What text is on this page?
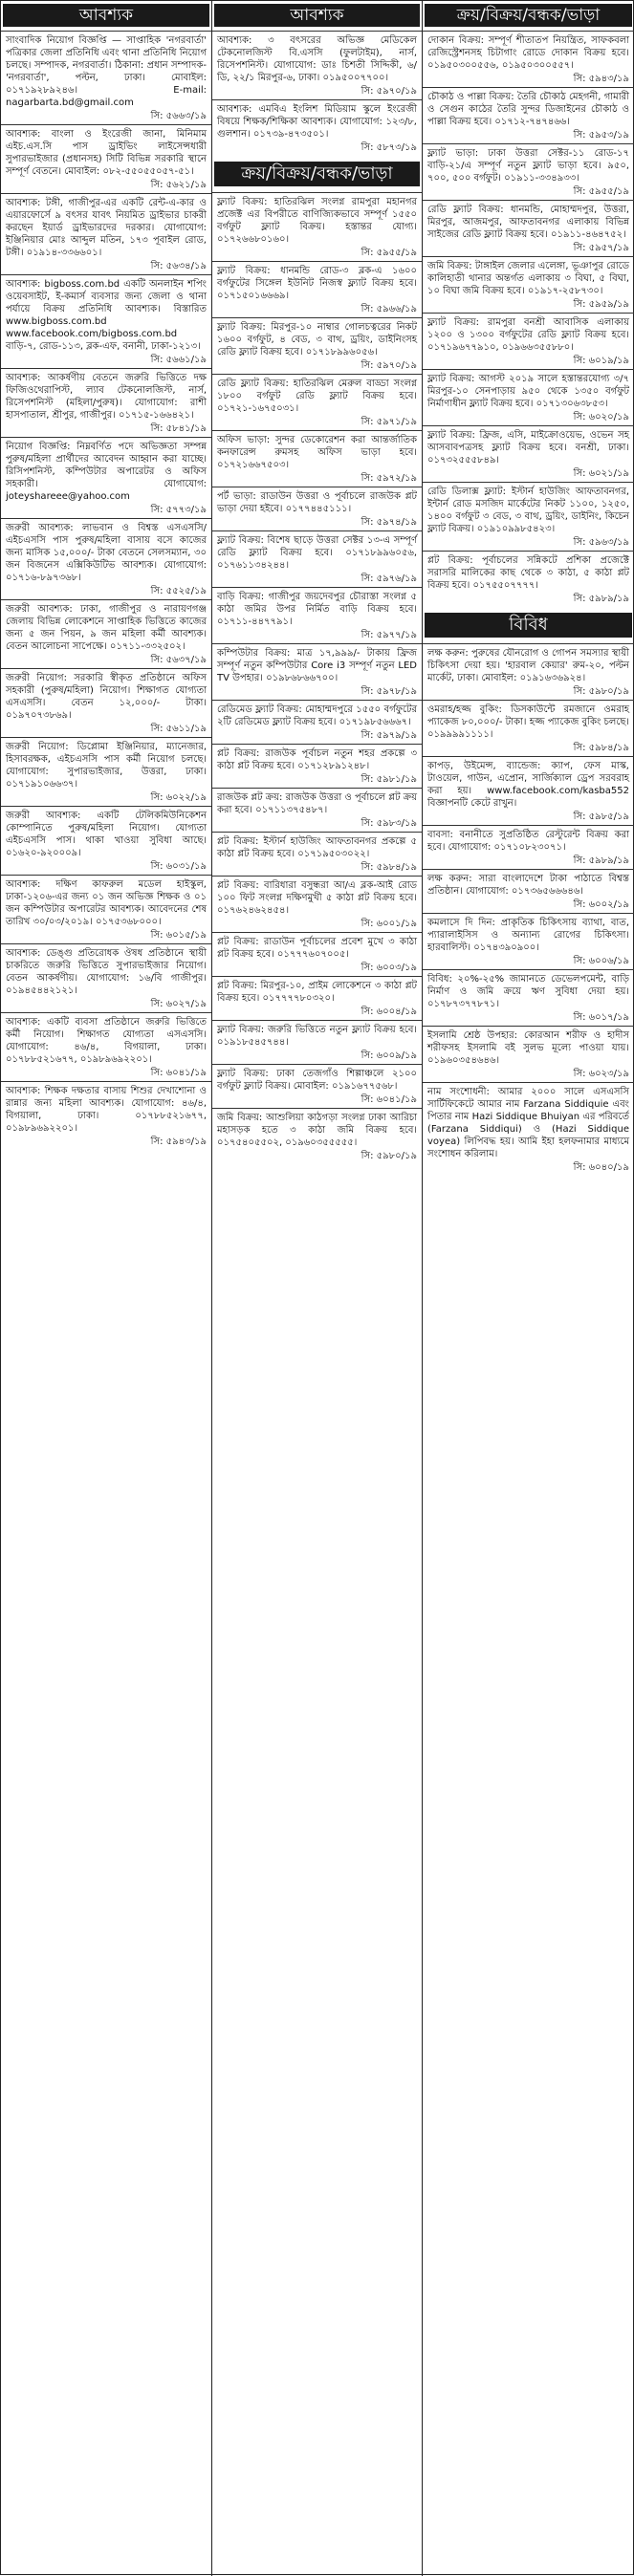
আবশ্যক

সাংবাদিক নিয়োগ বিজ্ঞপ্তি — সাপ্তাহিক 'নগরবার্তা' পত্রিকার জেলা প্রতিনিধি এবং থানা প্রতিনিধি নিয়োগ চলছে। সম্পাদক, নগরবার্তা। ঠিকানা: প্রধান সম্পাদক- 'নগরবার্তা', পল্টন, ঢাকা। মোবাইল: ০১৭১৯২৮৯২৪৬। E-mail: nagarbarta.bd@gmail.com

সি: ৫৬৬৩/১৯

আবশ্যক: বাংলা ও ইংরেজী জানা, মিনিমাম এইচ.এস.সি পাস ড্রাইভিং লাইসেন্সধারী সুপারভাইজার (প্রধানসহ) সিটি বিভিন্ন সরকারি স্থানে সম্পূর্ণ বেতনে। মোবাইল: ০৮২-৫৫০৫৫০৫৭-৫১।

সি: ৫৬২১/১৯

আবশ্যক: টঙ্গী, গাজীপুর-এর একটি রেন্ট-এ-কার ও এয়ারফোর্সে ৯ বৎসর যাবৎ নিয়মিত ড্রাইভার চাকরী করছেন ইয়ার্ড ড্রাইভারদের দরকার। যোগাযোগ: ইঞ্জিনিয়ার মোঃ আব্দুল মতিন, ১৭৩ পূবাইল রোড, টঙ্গী। ০১৯১৪-৩৩৬৬০১।

সি: ৫৬৩৪/১৯

আবশ্যক: bigboss.com.bd একটি অনলাইন শপিং ওয়েবসাইট, ই-কমার্স ব্যবসার জন্য জেলা ও থানা পর্যায়ে বিক্রয় প্রতিনিধি আবশ্যক। বিস্তারিত www.bigboss.com.bd www.facebook.com/bigboss.com.bd বাড়ি-৭, রোড-১১৩, ব্লক-এফ, বনানী, ঢাকা-১২১৩।

সি: ৫৬৬১/১৯

আবশ্যক: আকর্ষণীয় বেতনে জরুরি ভিত্তিতে দক্ষ ফিজিওথেরাপিস্ট, ল্যাব টেকনোলজিস্ট, নার্স, রিসেপশনিস্ট (মহিলা/পুরুষ)। যোগাযোগ: রাশী হাসপাতাল, শ্রীপুর, গাজীপুর। ০১৭১৫-১৬৬৪২১।

সি: ৫৮৪১/১৯

নিয়োগ বিজ্ঞপ্তি: নিম্নবর্ণিত পদে অভিজ্ঞতা সম্পন্ন পুরুষ/মহিলা প্রার্থীদের আবেদন আহ্বান করা যাচ্ছে। রিসিপশনিস্ট, কম্পিউটার অপারেটর ও অফিস সহকারী। যোগাযোগ: joteyshareee@yahoo.com

সি: ৫৭৭৩/১৯

জরুরী আবশ্যক: লাভবান ও বিশ্বস্ত এসএসসি/এইচএসসি পাস পুরুষ/মহিলা বাসায় বসে কাজের জন্য মাসিক ১৫,০০০/- টাকা বেতনে সেলসম্যান, ৩০ জন বিজনেস এক্সিকিউটিভ আবশ্যক। যোগাযোগ: ০১৭১৬-৮৯৭৩৬৮।

সি: ৫৫২৫/১৯

জরুরী আবশ্যক: ঢাকা, গাজীপুর ও নারায়ণগঞ্জ জেলায় বিভিন্ন লোকেশনে সাপ্তাহিক ভিত্তিতে কাজের জন্য ৫ জন পিয়ন, ৯ জন মহিলা কর্মী আবশ্যক। বেতন আলোচনা সাপেক্ষে। ০১৭১১-৩৩২৫০২।

সি: ৫৬৩৭/১৯

জরুরী নিয়োগ: সরকারি স্বীকৃত প্রতিষ্ঠানে অফিস সহকারী (পুরুষ/মহিলা) নিয়োগ। শিক্ষাগত যোগ্যতা এসএসসি। বেতন ১২,০০০/- টাকা। ০১৯৭০৭৩৮৬৯।

সি: ৫৬১১/১৯

জরুরী নিয়োগ: ডিপ্লোমা ইঞ্জিনিয়ার, ম্যানেজার, হিসাবরক্ষক, এইচএসসি পাস কর্মী নিয়োগ চলছে। যোগাযোগ: সুপারভাইজার, উত্তরা, ঢাকা। ০১৭১৯১০৬৬৩৭।

সি: ৬০২২/১৯

জরুরী আবশ্যক: একটি টেলিকমিউনিকেশন কোম্পানিতে পুরুষ/মহিলা নিয়োগ। যোগ্যতা এইচএসসি পাস। থাকা খাওয়া সুবিধা আছে। ০১৬২০-৯২০০০৯।

সি: ৬০৩১/১৯

আবশ্যক: দক্ষিণ কাফরুল মডেল হাইস্কুল, ঢাকা-১২০৬-এর জন্য ০১ জন অভিজ্ঞ শিক্ষক ও ০১ জন কম্পিউটার অপারেটর আবশ্যক। আবেদনের শেষ তারিখ ৩০/০৩/২০১৯। ০১৭৫৩৬৮০০০।

সি: ৬০১৫/১৯

আবশ্যক: ডেঙ্গু প্রতিরোধক ঔষধ প্রতিষ্ঠানে স্থায়ী চাকরিতে জরুরি ভিত্তিতে সুপারভাইজার নিয়োগ। বেতন আকর্ষণীয়। যোগাযোগ: ১৬/বি গাজীপুর। ০১৯৪৫৪৪২১২১।

সি: ৬০২৭/১৯

আবশ্যক: একটি ব্যবসা প্রতিষ্ঠানে জরুরি ভিত্তিতে কর্মী নিয়োগ। শিক্ষাগত যোগ্যতা এসএসসি। যোগাযোগ: ৪৬/৪, বিগয়ালা, ঢাকা। ০১৭৮৮৫২১৬৭৭, ০১৯৮৯৬৯২২০১।

সি: ৬০৪১/১৯

আবশ্যক: শিক্ষক দক্ষতার বাসায় শিশুর দেখাশোনা ও রান্নার জন্য মহিলা আবশ্যক। যোগাযোগ: ৪৬/৪, বিগয়ালা, ঢাকা। ০১৭৮৮৫২১৬৭৭, ০১৯৮৯৬৯২২০১।

সি: ৫৯৪৩/১৯
আবশ্যক

আবশ্যক: ৩ বৎসরের অভিজ্ঞ মেডিকেল টেকনোলজিস্ট বি.এসসি (ফুলটাইম), নার্স, রিসেপশনিস্ট। যোগাযোগ: ডাঃ চিশতী সিদ্দিকী, ৬/ডি, ২২/১ মিরপুর-৬, ঢাকা। ০১৯৫০০৭৭০০।

সি: ৫৯৭০/১৯

আবশ্যক: এমবিএ ইংলিশ মিডিয়াম স্কুলে ইংরেজী বিষয়ে শিক্ষক/শিক্ষিকা আবশ্যক। যোগাযোগ: ১২৩/৮, গুলশান। ০১৭৩৯-৪৭৩৫০১।

সি: ৫৮৭৩/১৯
ক্রয়/বিক্রয়/বন্ধক/ভাড়া

ফ্ল্যাট বিক্রয়: হাতিরঝিল সংলগ্ন রামপুরা মহানগর প্রজেক্ট এর বিপরীতে বাণিজ্যিকভাবে সম্পূর্ণ ১৫৫০ বর্গফুট ফ্ল্যাট বিক্রয়। হস্তান্তর যোগ্য। ০১৭২৬৬৮০১৬০।

সি: ৫৯৫৫/১৯

ফ্ল্যাট বিক্রয়: ধানমন্ডি রোড-৩ ব্লক-এ ১৬০০ বর্গফুটের সিঙ্গেল ইউনিট নিজস্ব ফ্ল্যাট বিক্রয় হবে। ০১৭১৫০১৬৬৬৯।

সি: ৫৯৬৬/১৯

ফ্ল্যাট বিক্রয়: মিরপুর-১০ নাম্বার গোলচত্বরের নিকট ১৬০০ বর্গফুট, ৪ বেড, ৩ বাথ, ড্রয়িং, ডাইনিংসহ রেডি ফ্ল্যাট বিক্রয় হবে। ০১৭১৮৯৯৬০৫৬।

সি: ৫৯৭০/১৯

রেডি ফ্ল্যাট বিক্রয়: হাতিরঝিল মেরুল বাড্ডা সংলগ্ন ১৮০০ বর্গফুট রেডি ফ্ল্যাট বিক্রয় হবে। ০১৭২১-১৬৭৫০৩১।

সি: ৫৯৭১/১৯

অফিস ভাড়া: সুন্দর ডেকোরেশন করা আন্তর্জাতিক কনফারেন্স রুমসহ অফিস ভাড়া হবে। ০১৭২১৬৬৭৫০৩।

সি: ৫৯৭২/১৯

পর্ট ভাড়া: রাডাউন উত্তরা ও পূর্বাচলে রাজউক প্লট ভাড়া দেয়া হইবে। ০১৭৭৪৪৫১১১।

সি: ৫৯৭৪/১৯

ফ্ল্যাট বিক্রয়: বিশেষ ছাড়ে উত্তরা সেক্টর ১৩-এ সম্পূর্ণ রেডি ফ্ল্যাট বিক্রয় হবে। ০১৭১৮৯৯৬০৫৬, ০১৭৬১১৩৪২৪৪।

সি: ৫৯৭৬/১৯

বাড়ি বিক্রয়: গাজীপুর জয়দেবপুর চৌরাস্তা সংলগ্ন ৫ কাঠা জমির উপর নির্মিত বাড়ি বিক্রয় হবে। ০১৭১১-৪৪৭৭৯১।

সি: ৫৯৭৭/১৯

কম্পিউটার বিক্রয়: মাত্র ১৭,৯৯৯/- টাকায় ফ্রিজ সম্পূর্ণ নতুন কম্পিউটার Core i3 সম্পূর্ণ নতুন LED TV উপহার। ০১৯৮৬৮৬৬৭০০।

সি: ৫৯৭৮/১৯

রেডিমেড ফ্ল্যাট বিক্রয়: মোহাম্মদপুরে ১৫৫০ বর্গফুটের ২টি রেডিমেড ফ্ল্যাট বিক্রয় হবে। ০১৭১৯৮৫৬৬৬৭।

সি: ৫৯৭৯/১৯

প্লট বিক্রয়: রাজউক পূর্বাচল নতুন শহর প্রকল্পে ৩ কাঠা প্লট বিক্রয় হবে। ০১৭১২৮৯১২৪৮।

সি: ৫৯৮১/১৯

রাজউক প্লট ক্রয়: রাজউক উত্তরা ও পূর্বাচলে প্লট ক্রয় করা হবে। ০১৭১১৩৭৫৪৮৭।

সি: ৫৯৮৩/১৯

প্লট বিক্রয়: ইস্টার্ন হাউজিং আফতাবনগর প্রকল্পে ৫ কাঠা প্লট বিক্রয় হবে। ০১৭১৯৫০৩০২২।

সি: ৫৯৮৪/১৯

প্লট বিক্রয়: বারিধারা বসুন্ধরা আ/এ ব্লক-আই রোড ১০০ ফিট সংলগ্ন দক্ষিণমুখী ৫ কাঠা প্লট বিক্রয় হবে। ০১৭৬২৪৬২৪৫৪।

সি: ৬০০১/১৯

প্লট বিক্রয়: রাডাউন পূর্বাচলের প্রবেশ মুখে ৩ কাঠা প্লট বিক্রয় হবে। ০১৭৭৭৬০৭০০৫।

সি: ৬০০৩/১৯

প্লট বিক্রয়: মিরপুর-১০, প্রাইম লোকেশনে ৩ কাঠা প্লট বিক্রয় হবে। ০১৭৭৭৭৮০৩২০।

সি: ৬০০৪/১৯

ফ্ল্যাট বিক্রয়: জরুরি ভিত্তিতে নতুন ফ্ল্যাট বিক্রয় হবে। ০১৯১৮৫৪৫৭৪৪।

সি: ৬০০৯/১৯

ফ্ল্যাট বিক্রয়: ঢাকা তেজগাঁও শিল্পাঞ্চলে ২১০০ বর্গফুট ফ্ল্যাট বিক্রয়। মোবাইল: ০১৯১৬৭৭৫৬৮।

সি: ৬০৪১/১৯

জমি বিক্রয়: আশুলিয়া কাঠগড়া সংলগ্ন ঢাকা আরিচা মহাসড়ক হতে ৩ কাঠা জমি বিক্রয় হবে। ০১৭৫৪০৫৫০২, ০১৯৬০৩৫৫৫৫৫।

সি: ৫৯৮০/১৯
ক্রয়/বিক্রয়/বন্ধক/ভাড়া

দোকান বিক্রয়: সম্পূর্ণ শীতাতপ নিয়ন্ত্রিত, সাফকবলা রেজিস্ট্রেশনসহ চিটাগাং রোডে দোকান বিক্রয় হবে। ০১৯৫০৩০০৫৫৬, ০১৯৫০৩০০৫৫৭।

সি: ৫৯৪৩/১৯

চৌকাঠ ও পাল্লা বিক্রয়: তৈরি চৌকাঠ মেহগনী, গামারী ও সেগুন কাঠের তৈরি সুন্দর ডিজাইনের চৌকাঠ ও পাল্লা বিক্রয় হবে। ০১৭১২-৭৪৭৪৬৬।

সি: ৫৯৫৩/১৯

ফ্ল্যাট ভাড়া: ঢাকা উত্তরা সেক্টর-১১ রোড-১৭ বাড়ি-২১/এ সম্পূর্ণ নতুন ফ্ল্যাট ভাড়া হবে। ৯৫০, ৭০০, ৫০০ বর্গফুট। ০১৯১১-৩৩৪৯৩৩।

সি: ৫৯৫৫/১৯

রেডি ফ্ল্যাট বিক্রয়: ধানমন্ডি, মোহাম্মদপুর, উত্তরা, মিরপুর, আজমপুর, আফতাবনগর এলাকায় বিভিন্ন সাইজের রেডি ফ্ল্যাট বিক্রয় হবে। ০১৯১১-৪৬৪৭৫২।

সি: ৫৯৫৭/১৯

জমি বিক্রয়: টাঙ্গাইল জেলার এলেঙ্গা, ভূঞাপুর রোডে কালিহাতী থানার অন্তর্গত এলাকায় ৩ বিঘা, ৫ বিঘা, ১০ বিঘা জমি বিক্রয় হবে। ০১৯১৭-২৫৮৭৩০।

সি: ৫৯৫৯/১৯

ফ্ল্যাট বিক্রয়: রামপুরা বনশ্রী আবাসিক এলাকায় ১২০০ ও ১৩০০ বর্গফুটের রেডি ফ্ল্যাট বিক্রয় হবে। ০১৭১৯৬৭৭৯১০, ০১৯৬৬৩৫৫৮৮০।

সি: ৬০১৯/১৯

ফ্ল্যাট বিক্রয়: আগস্ট ২০১৯ সালে হস্তান্তরযোগ্য ৩/৭ মিরপুর-১০ সেনপাড়ায় ৯৫০ থেকে ১৩৫০ বর্গফুট নির্মাণাধীন ফ্ল্যাট বিক্রয় হবে। ০১৭১৩০৬৩৮৫৩।

সি: ৬০২০/১৯

ফ্ল্যাট বিক্রয়: ফ্রিজ, এসি, মাইক্রোওয়েভ, ওভেন সহ আসবাবপত্রসহ ফ্ল্যাট বিক্রয় হবে। বনশ্রী, ঢাকা। ০১৭৩২৫৫৫৮৪৯।

সি: ৬০২১/১৯

রেডি ডিলাক্স ফ্ল্যাট: ইস্টার্ন হাউজিং আফতাবনগর, ইন্টার্ন রোড মসজিদ মার্কেটের নিকট ১১০০, ১২৫০, ১৪০০ বর্গফুট ৩ বেড, ৩ বাথ, ড্রয়িং, ডাইনিং, কিচেন ফ্ল্যাট বিক্রয়। ০১৯১০৯৯৮৫৪২৩।

সি: ৫৯৬৩/১৯

প্লট বিক্রয়: পূর্বাচলের সন্নিকটে প্রশিকা প্রজেক্টে সরাসরি মালিকের কাছ থেকে ৩ কাঠা, ৫ কাঠা প্লট বিক্রয় হবে। ০১৭৫৫০৭৭৭৭।

সি: ৫৯৮৯/১৯
বিবিধ

লক্ষ করুন: পুরুষের যৌনরোগ ও গোপন সমস্যার স্থায়ী চিকিৎসা দেয়া হয়। 'হারবাল কেয়ার' রুম-২০, পল্টন মার্কেট, ঢাকা। মোবাইল: ০১৯১৬৩৬৯২৪।

সি: ৫৯৮০/১৯

ওমরাহ/হজ্জ বুকিং: ডিসকাউন্টে রমজানে ওমরাহ প্যাকেজ ৮০,০০০/- টাকা। হজ্জ প্যাকেজ বুকিং চলছে। ০১৯৯৯৯১১১১।

সি: ৫৯৮৪/১৯

কাপড়, উইমেন্স, ব্যান্ডেজ: ক্যাপ, ফেস মাস্ক, টাওয়েল, গাউন, এপ্রোন, সার্জিক্যাল ড্রেপ সরবরাহ করা হয়। www.facebook.com/kasba552 বিজ্ঞাপনটি কেটে রাখুন।

সি: ৫৯৮৫/১৯

বাবসা: বনানীতে সুপ্রতিষ্ঠিত রেস্টুরেন্ট বিক্রয় করা হবে। যোগাযোগ: ০১৭১০৮২৩০৭১।

সি: ৫৯৮৯/১৯

লক্ষ করুন: সারা বাংলাদেশে টাকা পাঠাতে বিশ্বস্ত প্রতিষ্ঠান। যোগাযোগ: ০১৭৩৬৫৬৬৬৪৬।

সি: ৬০০২/১৯

কমলাসে দি দিন: প্রাকৃতিক চিকিৎসায় ব্যাথা, বাত, প্যারালাইসিস ও অন্যান্য রোগের চিকিৎসা। হারবালিস্ট। ০১৭৪৩৯০৯০০।

সি: ৬০০৬/১৯

বিবিধ: ২০%-২৫% জামানতে ডেভেলপমেন্ট, বাড়ি নির্মাণ ও জমি ক্রয়ে ঋণ সুবিধা দেয়া হয়। ০১৭৮৭৩৭৭৮৭১।

সি: ৬০১৭/১৯

ইসলামি শ্রেষ্ঠ উপহার: কোরআন শরীফ ও হাদীস শরীফসহ ইসলামি বই সুলভ মূল্যে পাওয়া যায়। ০১৯৬০৩৫৪৬৪৬।

সি: ৬০২৩/১৯

নাম সংশোধনী: আমার ২০০০ সালে এসএসসি সার্টিফিকেটে আমার নাম Farzana Siddiquie এবং পিতার নাম Hazi Siddique Bhuiyan এর পরিবর্তে (Farzana Siddiqui) ও (Hazi Siddique voyea) লিপিবদ্ধ হয়। আমি ইহা হলফনামার মাধ্যমে সংশোধন করিলাম।

সি: ৬০৪০/১৯
